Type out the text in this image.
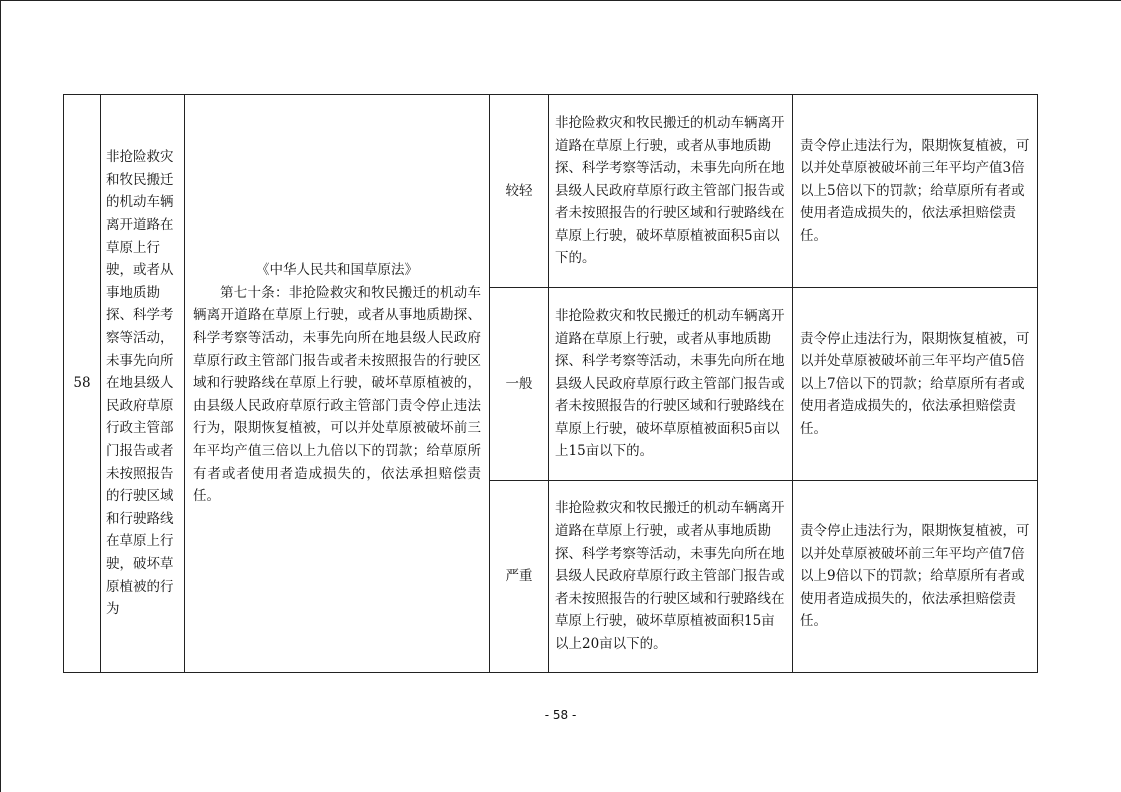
58	非抢险救灾和牧民搬迁的机动车辆离开道路在草原上行驶，或者从事地质勘探、科学考察等活动，未事先向所在地县级人民政府草原行政主管部门报告或者未按照报告的行驶区域和行驶路线在草原上行驶，破坏草原植被的行为	《中华人民共和国草原法》
第七十条：非抢险救灾和牧民搬迁的机动车辆离开道路在草原上行驶，或者从事地质勘探、科学考察等活动，未事先向所在地县级人民政府草原行政主管部门报告或者未按照报告的行驶区域和行驶路线在草原上行驶，破坏草原植被的，由县级人民政府草原行政主管部门责令停止违法行为，限期恢复植被，可以并处草原被破坏前三年平均产值三倍以上九倍以下的罚款；给草原所有者或者使用者造成损失的，依法承担赔偿责任。	较轻	非抢险救灾和牧民搬迁的机动车辆离开道路在草原上行驶，或者从事地质勘探、科学考察等活动，未事先向所在地县级人民政府草原行政主管部门报告或者未按照报告的行驶区域和行驶路线在草原上行驶，破坏草原植被面积5亩以下的。	责令停止违法行为，限期恢复植被，可以并处草原被破坏前三年平均产值3倍以上5倍以下的罚款；给草原所有者或使用者造成损失的，依法承担赔偿责任。
			一般	非抢险救灾和牧民搬迁的机动车辆离开道路在草原上行驶，或者从事地质勘探、科学考察等活动，未事先向所在地县级人民政府草原行政主管部门报告或者未按照报告的行驶区域和行驶路线在草原上行驶，破坏草原植被面积5亩以上15亩以下的。	责令停止违法行为，限期恢复植被，可以并处草原被破坏前三年平均产值5倍以上7倍以下的罚款；给草原所有者或使用者造成损失的，依法承担赔偿责任。
			严重	非抢险救灾和牧民搬迁的机动车辆离开道路在草原上行驶，或者从事地质勘探、科学考察等活动，未事先向所在地县级人民政府草原行政主管部门报告或者未按照报告的行驶区域和行驶路线在草原上行驶，破坏草原植被面积15亩以上20亩以下的。	责令停止违法行为，限期恢复植被，可以并处草原被破坏前三年平均产值7倍以上9倍以下的罚款；给草原所有者或使用者造成损失的，依法承担赔偿责任。
- 58 -
